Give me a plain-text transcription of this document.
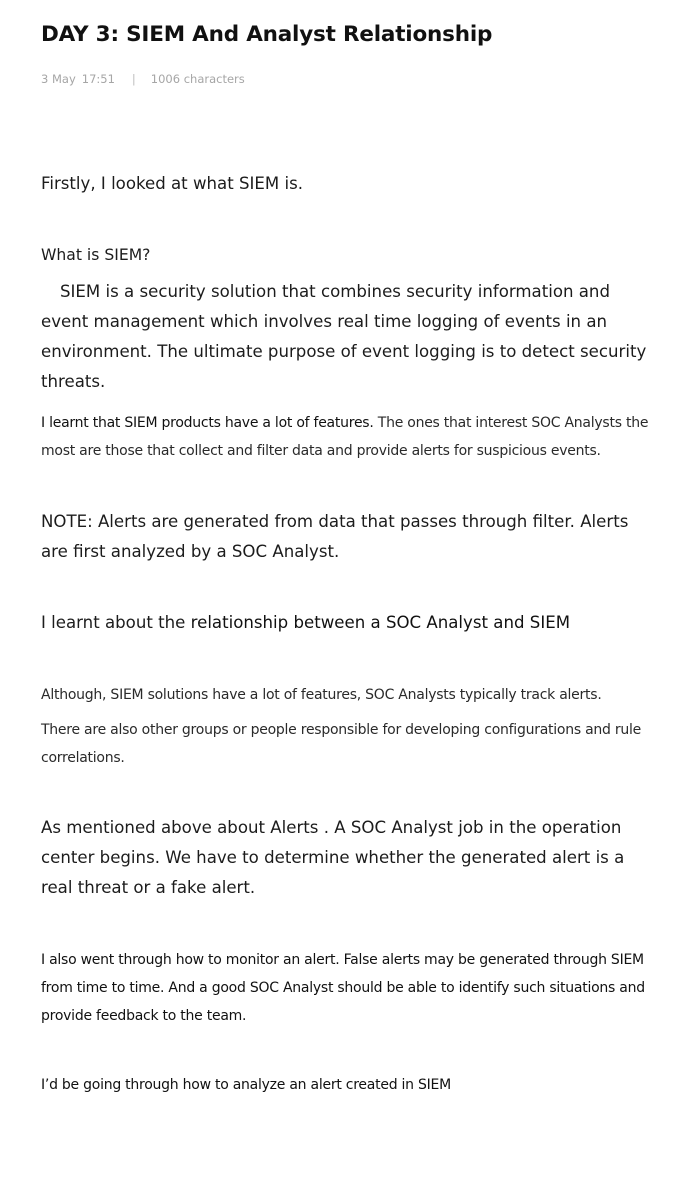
DAY 3: SIEM And Analyst Relationship
3 May 17:51 | 1006 characters

Firstly, I looked at what SIEM is.

What is SIEM?

SIEM is a security solution that combines security information and event management which involves real time logging of events in an environment. The ultimate purpose of event logging is to detect security threats.

I learnt that SIEM products have a lot of features. The ones that interest SOC Analysts the most are those that collect and filter data and provide alerts for suspicious events.

NOTE: Alerts are generated from data that passes through filter. Alerts are first analyzed by a SOC Analyst.

I learnt about the relationship between a SOC Analyst and SIEM

Although, SIEM solutions have a lot of features, SOC Analysts typically track alerts.

There are also other groups or people responsible for developing configurations and rule correlations.

As mentioned above about Alerts . A SOC Analyst job in the operation center begins. We have to determine whether the generated alert is a real threat or a fake alert.

I also went through how to monitor an alert. False alerts may be generated through SIEM from time to time. And a good SOC Analyst should be able to identify such situations and provide feedback to the team.

I’d be going through how to analyze an alert created in SIEM
